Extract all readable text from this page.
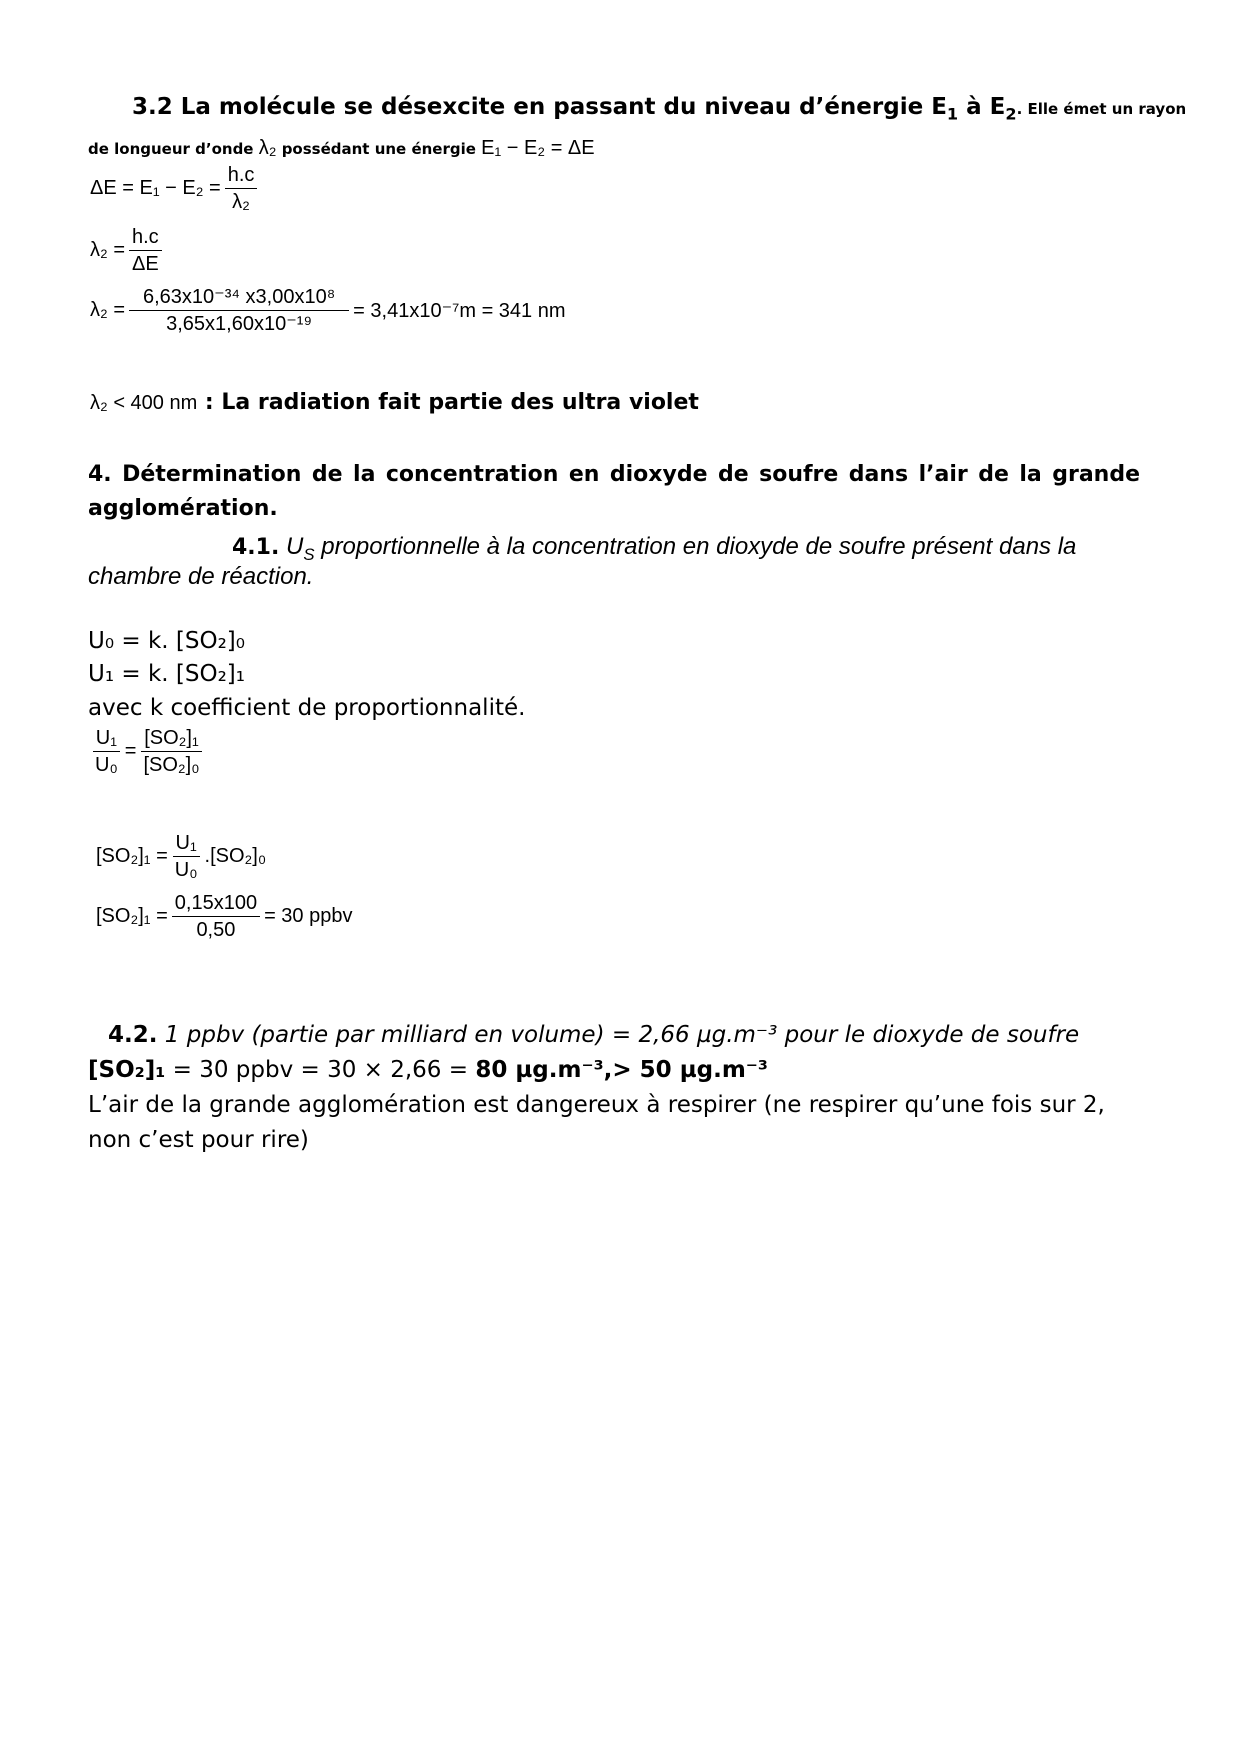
3.2 La molécule se désexcite en passant du niveau d’énergie $E_1$ à $E_2$. Elle émet un rayon
de longueur d’onde λ₂ possédant une énergie E₁ − E₂ = ΔE
$\Delta E = E_1 - E_2 = \frac{h.c}{\text{λ₂}}$
$\lambda_2 = \frac{h.c}{\Delta E}$
$\lambda_2 = \frac{\text{6,63x10⁻³⁴ x3,00x10⁸}}{\text{3,65x1,60x10⁻¹⁹}} = 3,41x10^{-7}m = 341$ nm
λ₂ < 400 nm : La radiation fait partie des ultra violet
4. Détermination de la concentration en dioxyde de soufre dans l’air de la grande
agglomération.
4.1. $U_S$ proportionnelle à la concentration en dioxyde de soufre présent dans la
chambre de réaction.
U₀ = k. [SO₂]₀
U₁ = k. [SO₂]₁
avec k coefficient de proportionnalité.
$\frac{\text{U₁}}{\text{U₀}} = \frac{\text{[SO₂]₁}}{\text{[SO₂]₀}}$
$[SO_2]_1 = \frac{\text{U₁}}{\text{U₀}} .[SO_2]_0$
$[SO_2]_1 = \frac{0,15x100}{0,50} = 30$ ppbv
4.2. 1 ppbv (partie par milliard en volume) = 2,66 µg.m⁻³ pour le dioxyde de soufre
[SO₂]₁ = 30 ppbv = 30 × 2,66 = 80 µg.m⁻³,> 50 µg.m⁻³
L’air de la grande agglomération est dangereux à respirer (ne respirer qu’une fois sur 2,
non c’est pour rire)
